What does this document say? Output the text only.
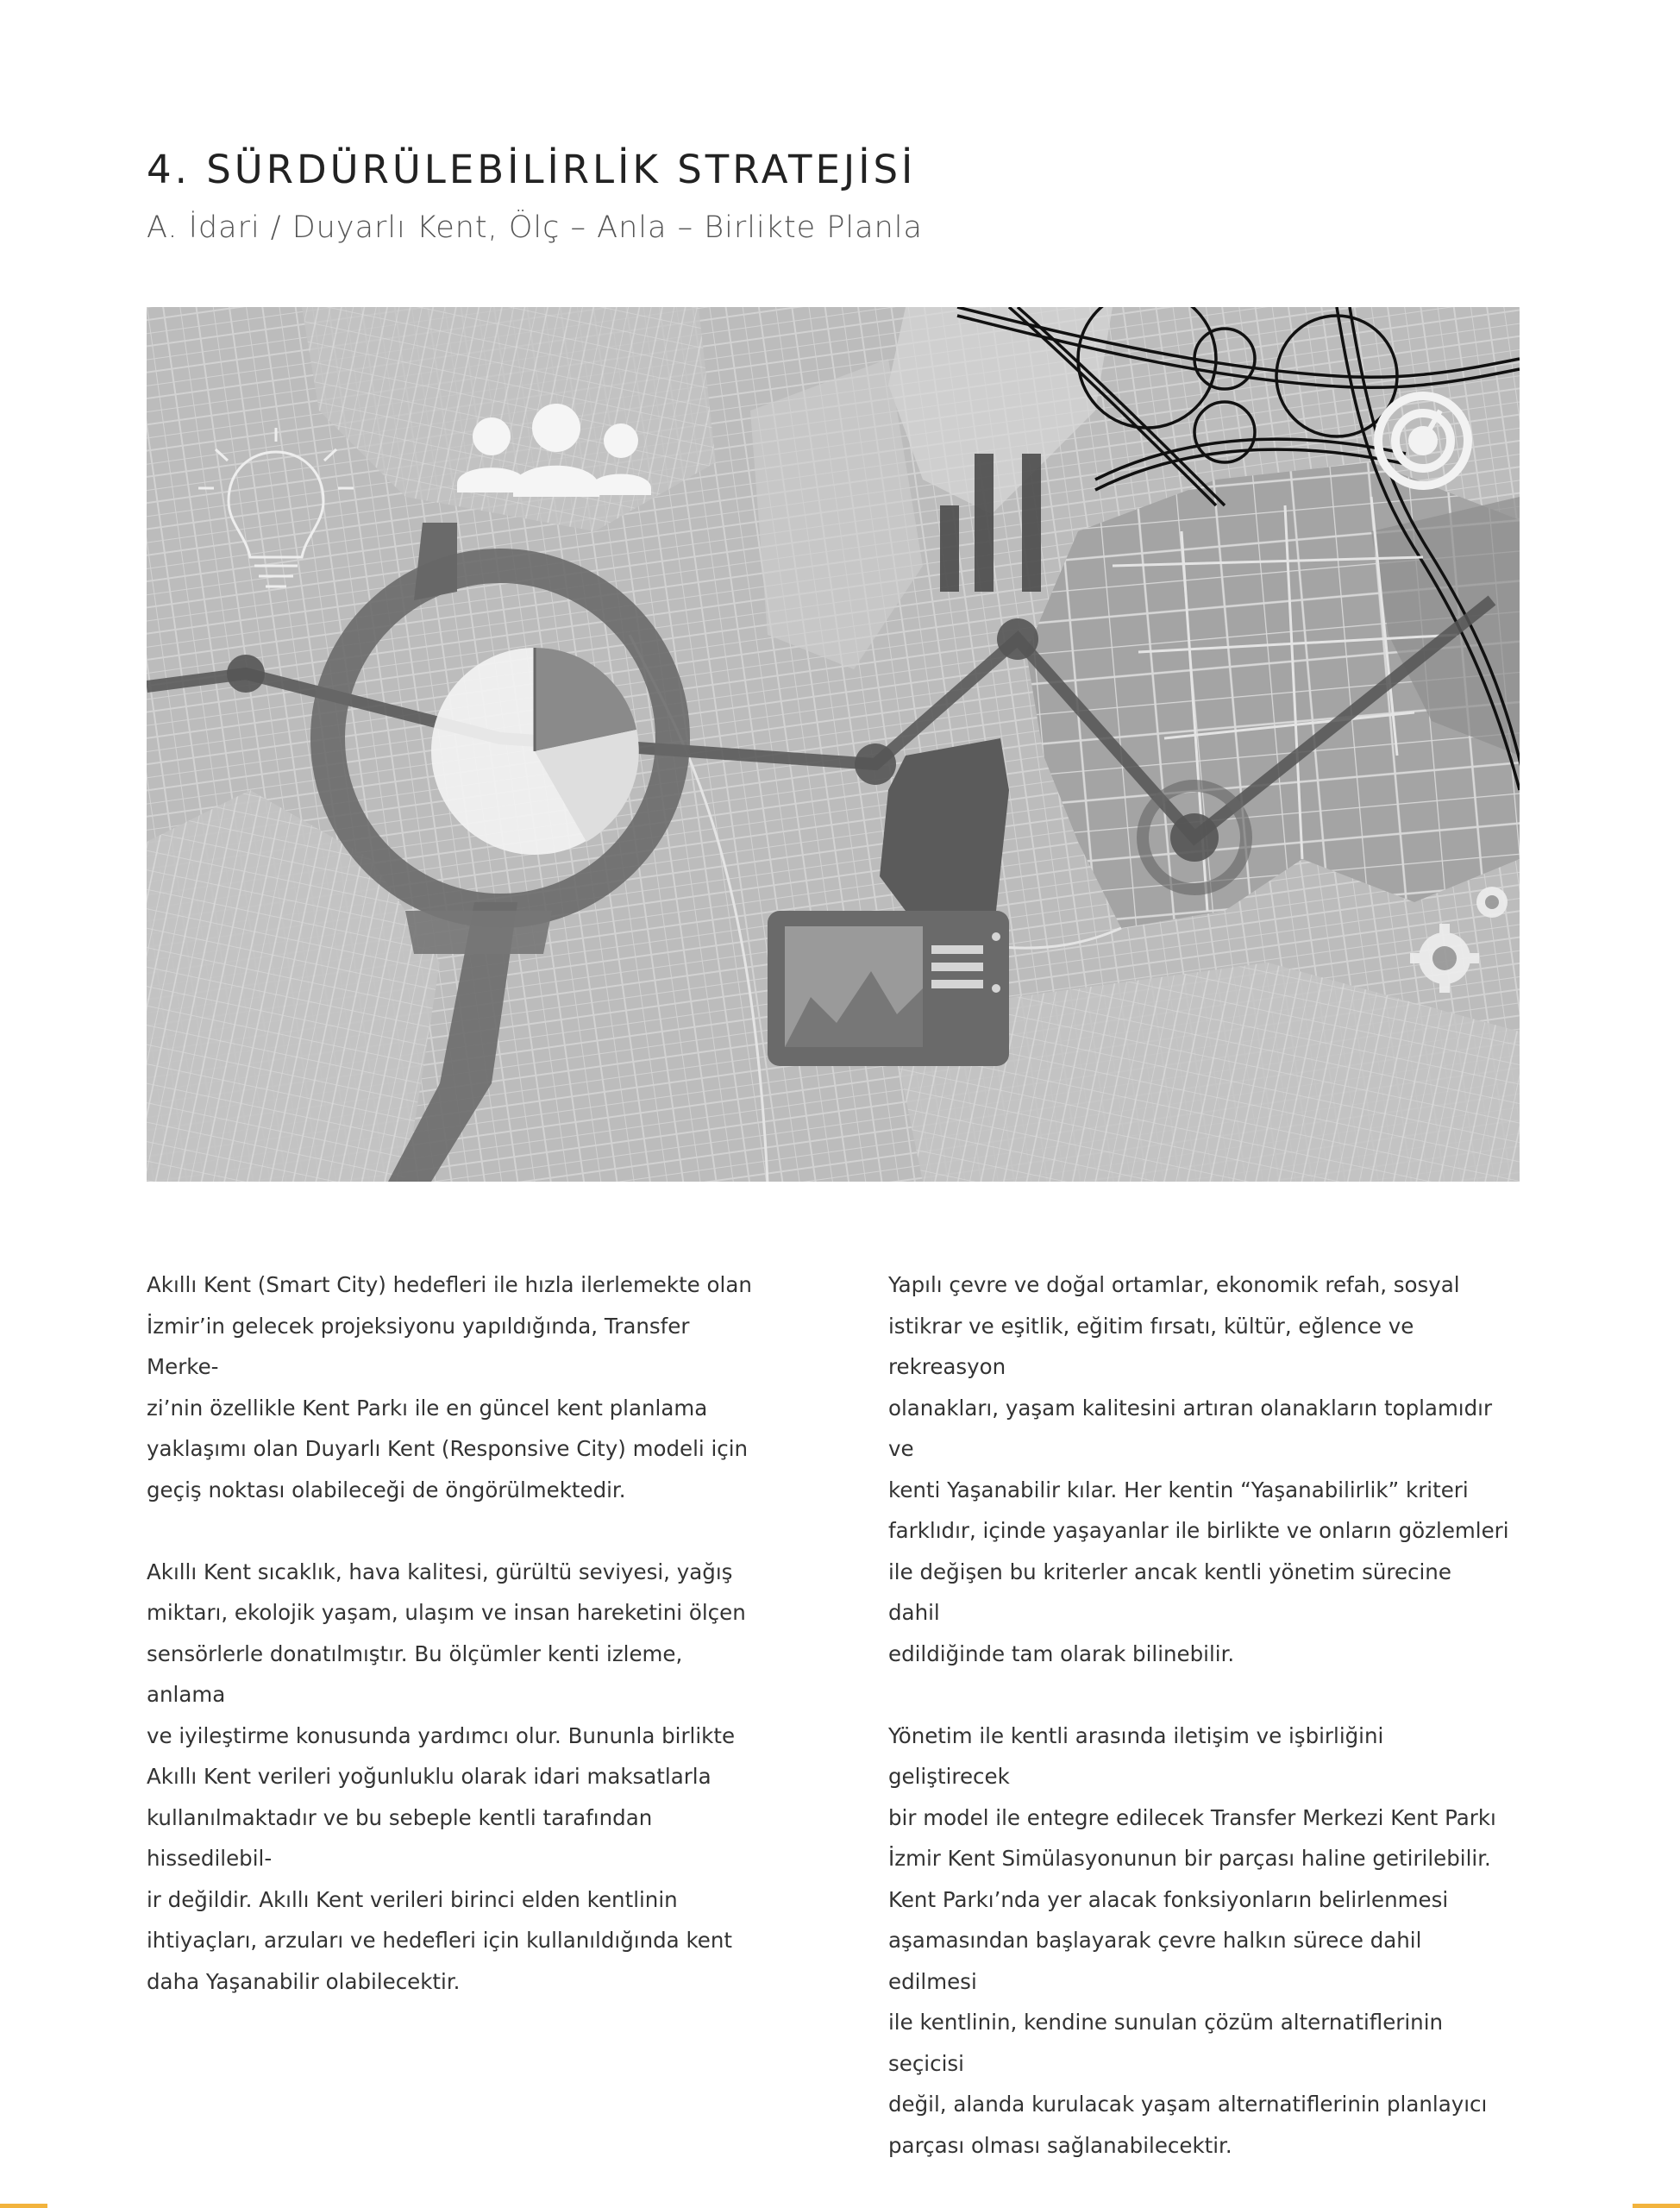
4. SÜRDÜRÜLEBİLİRLİK STRATEJİSİ
A. İdari / Duyarlı Kent, Ölç – Anla – Birlikte Planla

Akıllı Kent (Smart City) hedefleri ile hızla ilerlemekte olan
İzmir’in gelecek projeksiyonu yapıldığında, Transfer Merke-
zi’nin özellikle Kent Parkı ile en güncel kent planlama
yaklaşımı olan Duyarlı Kent (Responsive City) modeli için
geçiş noktası olabileceği de öngörülmektedir.

Akıllı Kent sıcaklık, hava kalitesi, gürültü seviyesi, yağış
miktarı, ekolojik yaşam, ulaşım ve insan hareketini ölçen
sensörlerle donatılmıştır. Bu ölçümler kenti izleme, anlama
ve iyileştirme konusunda yardımcı olur. Bununla birlikte
Akıllı Kent verileri yoğunluklu olarak idari maksatlarla
kullanılmaktadır ve bu sebeple kentli tarafından hissedilebil-
ir değildir. Akıllı Kent verileri birinci elden kentlinin
ihtiyaçları, arzuları ve hedefleri için kullanıldığında kent
daha Yaşanabilir olabilecektir.

Yapılı çevre ve doğal ortamlar, ekonomik refah, sosyal
istikrar ve eşitlik, eğitim fırsatı, kültür, eğlence ve rekreasyon
olanakları, yaşam kalitesini artıran olanakların toplamıdır ve
kenti Yaşanabilir kılar. Her kentin “Yaşanabilirlik” kriteri
farklıdır, içinde yaşayanlar ile birlikte ve onların gözlemleri
ile değişen bu kriterler ancak kentli yönetim sürecine dahil
edildiğinde tam olarak bilinebilir.

Yönetim ile kentli arasında iletişim ve işbirliğini geliştirecek
bir model ile entegre edilecek Transfer Merkezi Kent Parkı
İzmir Kent Simülasyonunun bir parçası haline getirilebilir.
Kent Parkı’nda yer alacak fonksiyonların belirlenmesi
aşamasından başlayarak çevre halkın sürece dahil edilmesi
ile kentlinin, kendine sunulan çözüm alternatiflerinin seçicisi
değil, alanda kurulacak yaşam alternatiflerinin planlayıcı
parçası olması sağlanabilecektir.
